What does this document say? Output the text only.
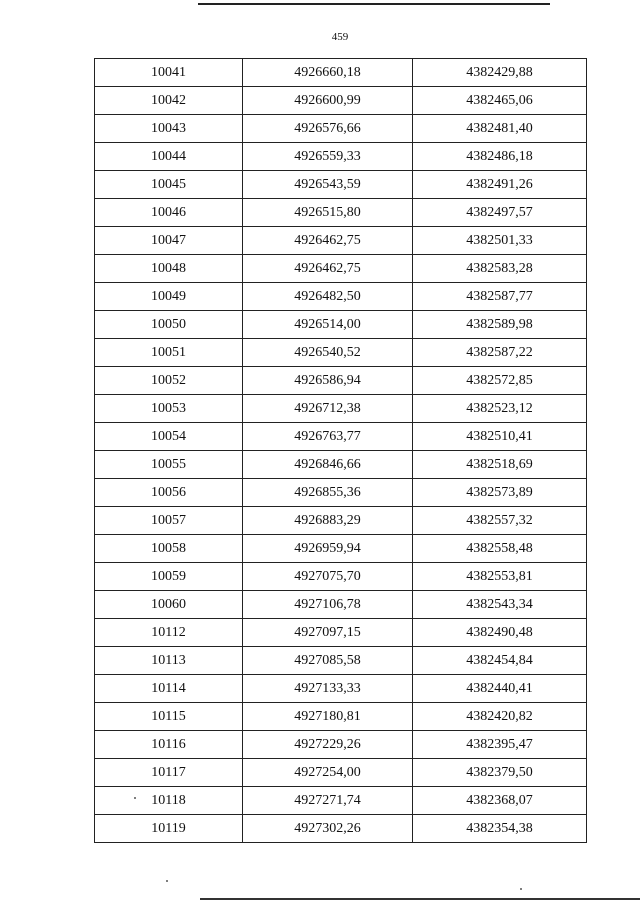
459
10041	4926660,18	4382429,88
10042	4926600,99	4382465,06
10043	4926576,66	4382481,40
10044	4926559,33	4382486,18
10045	4926543,59	4382491,26
10046	4926515,80	4382497,57
10047	4926462,75	4382501,33
10048	4926462,75	4382583,28
10049	4926482,50	4382587,77
10050	4926514,00	4382589,98
10051	4926540,52	4382587,22
10052	4926586,94	4382572,85
10053	4926712,38	4382523,12
10054	4926763,77	4382510,41
10055	4926846,66	4382518,69
10056	4926855,36	4382573,89
10057	4926883,29	4382557,32
10058	4926959,94	4382558,48
10059	4927075,70	4382553,81
10060	4927106,78	4382543,34
10112	4927097,15	4382490,48
10113	4927085,58	4382454,84
10114	4927133,33	4382440,41
10115	4927180,81	4382420,82
10116	4927229,26	4382395,47
10117	4927254,00	4382379,50
10118	4927271,74	4382368,07
10119	4927302,26	4382354,38
